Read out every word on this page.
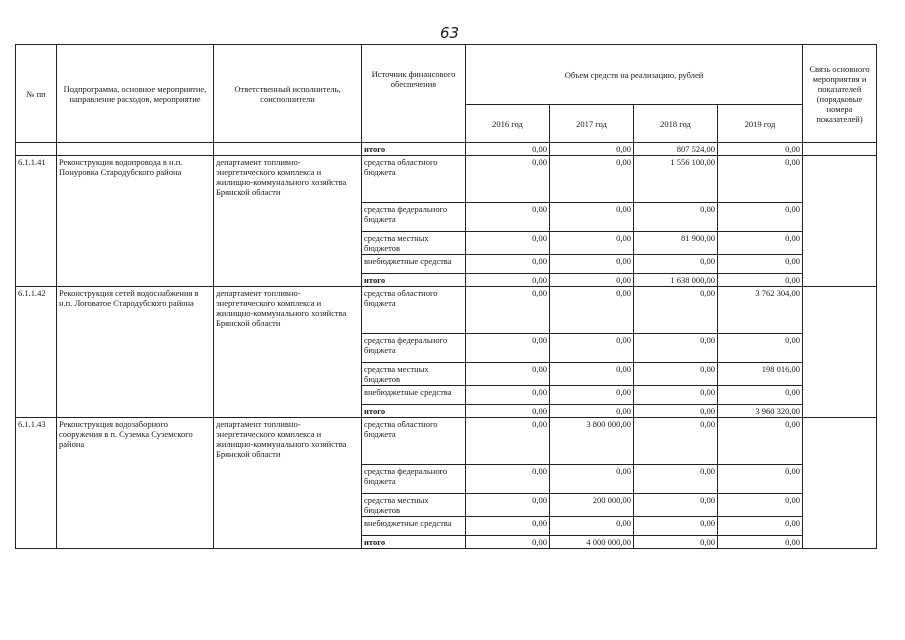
63
№ пп	Подпрограмма, основное мероприятие, направление расходов, мероприятие	Ответственный исполнитель, соисполнители	Источник финансового обеспечения	Объем средств на реализацию, рублей				Связь основного мероприятия и показателей (порядковые номера показателей)
				2016 год	2017 год	2018 год	2019 год	
			итого	0,00	0,00	807 524,00	0,00	
6.1.1.41	Реконструкция водопровода в н.п. Понуровка Стародубского района	департамент топливно-энергетического комплекса и жилищно-коммунального хозяйства Брянской области	средства областного бюджета	0,00	0,00	1 556 100,00	0,00	
			средства федерального бюджета	0,00	0,00	0,00	0,00	
			средства местных бюджетов	0,00	0,00	81 900,00	0,00	
			внебюджетные средства	0,00	0,00	0,00	0,00	
			итого	0,00	0,00	1 638 000,00	0,00	
6.1.1.42	Реконструкция сетей водоснабжения в н.п. Логоватое Стародубского района	департамент топливно-энергетического комплекса и жилищно-коммунального хозяйства Брянской области	средства областного бюджета	0,00	0,00	0,00	3 762 304,00	
			средства федерального бюджета	0,00	0,00	0,00	0,00	
			средства местных бюджетов	0,00	0,00	0,00	198 016,00	
			внебюджетные средства	0,00	0,00	0,00	0,00	
			итого	0,00	0,00	0,00	3 960 320,00	
6.1.1.43	Реконструкция водозаборного сооружения в п. Суземка Суземского района	департамент топливно-энергетического комплекса и жилищно-коммунального хозяйства Брянской области	средства областного бюджета	0,00	3 800 000,00	0,00	0,00	
			средства федерального бюджета	0,00	0,00	0,00	0,00	
			средства местных бюджетов	0,00	200 000,00	0,00	0,00	
			внебюджетные средства	0,00	0,00	0,00	0,00	
			итого	0,00	4 000 000,00	0,00	0,00	
